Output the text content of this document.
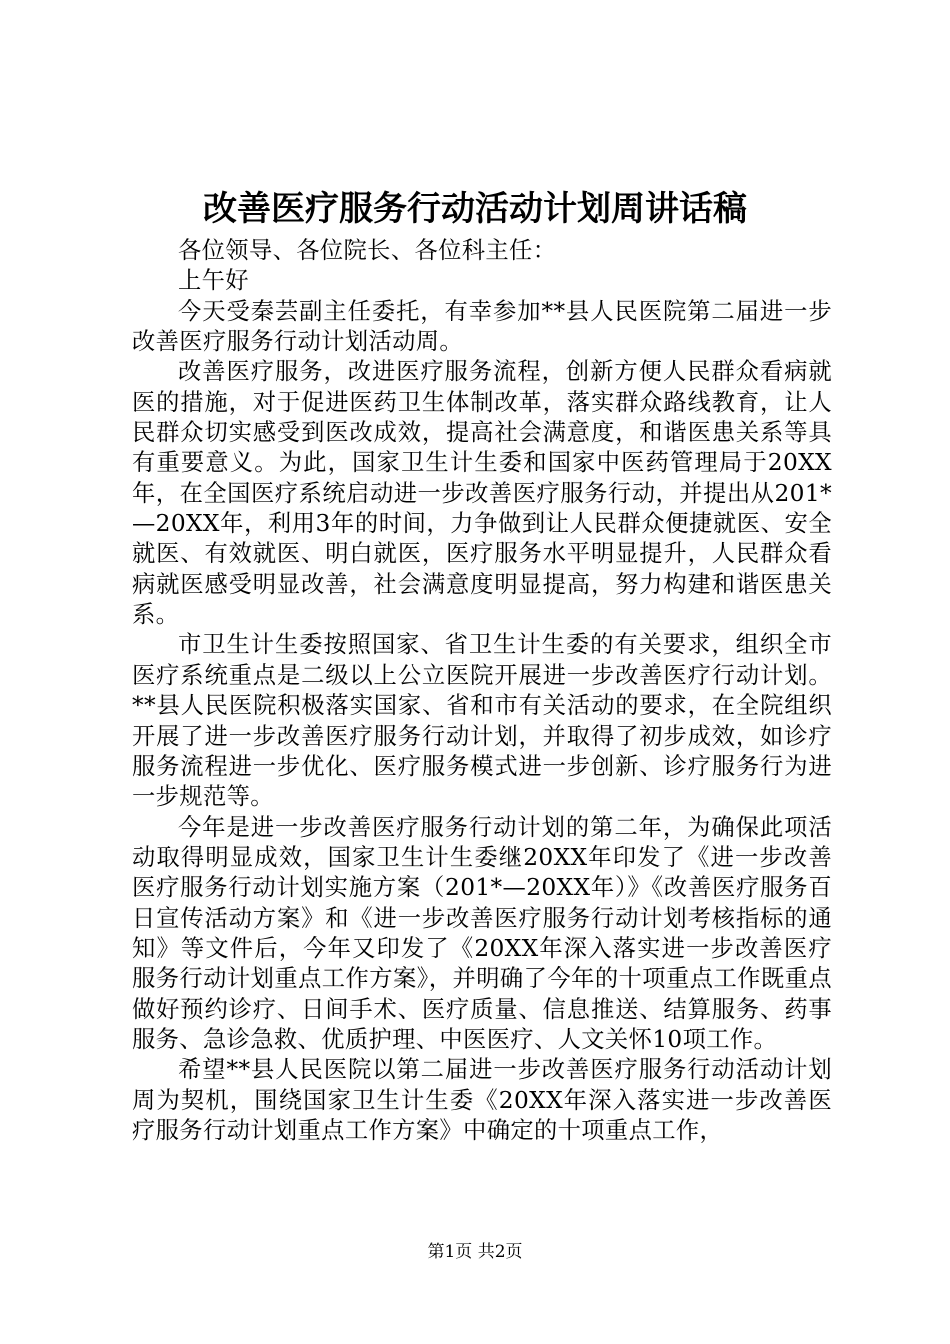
改善医疗服务行动活动计划周讲话稿

各位领导、各位院长、各位科主任：

上午好

今天受秦芸副主任委托，有幸参加**县人民医院第二届进一步改善医疗服务行动计划活动周。

改善医疗服务，改进医疗服务流程，创新方便人民群众看病就医的措施，对于促进医药卫生体制改革，落实群众路线教育，让人民群众切实感受到医改成效，提高社会满意度，和谐医患关系等具有重要意义。为此，国家卫生计生委和国家中医药管理局于20XX年，在全国医疗系统启动进一步改善医疗服务行动，并提出从201*—20XX年，利用3年的时间，力争做到让人民群众便捷就医、安全就医、有效就医、明白就医，医疗服务水平明显提升，人民群众看病就医感受明显改善，社会满意度明显提高，努力构建和谐医患关系。

市卫生计生委按照国家、省卫生计生委的有关要求，组织全市医疗系统重点是二级以上公立医院开展进一步改善医疗行动计划。**县人民医院积极落实国家、省和市有关活动的要求，在全院组织开展了进一步改善医疗服务行动计划，并取得了初步成效，如诊疗服务流程进一步优化、医疗服务模式进一步创新、诊疗服务行为进一步规范等。

今年是进一步改善医疗服务行动计划的第二年，为确保此项活动取得明显成效，国家卫生计生委继20XX年印发了《进一步改善医疗服务行动计划实施方案（201*—20XX年）》《改善医疗服务百日宣传活动方案》和《进一步改善医疗服务行动计划考核指标的通知》等文件后，今年又印发了《20XX年深入落实进一步改善医疗服务行动计划重点工作方案》，并明确了今年的十项重点工作既重点做好预约诊疗、日间手术、医疗质量、信息推送、结算服务、药事服务、急诊急救、优质护理、中医医疗、人文关怀10项工作。

希望**县人民医院以第二届进一步改善医疗服务行动活动计划周为契机，围绕国家卫生计生委《20XX年深入落实进一步改善医疗服务行动计划重点工作方案》中确定的十项重点工作，

第1页 共2页
